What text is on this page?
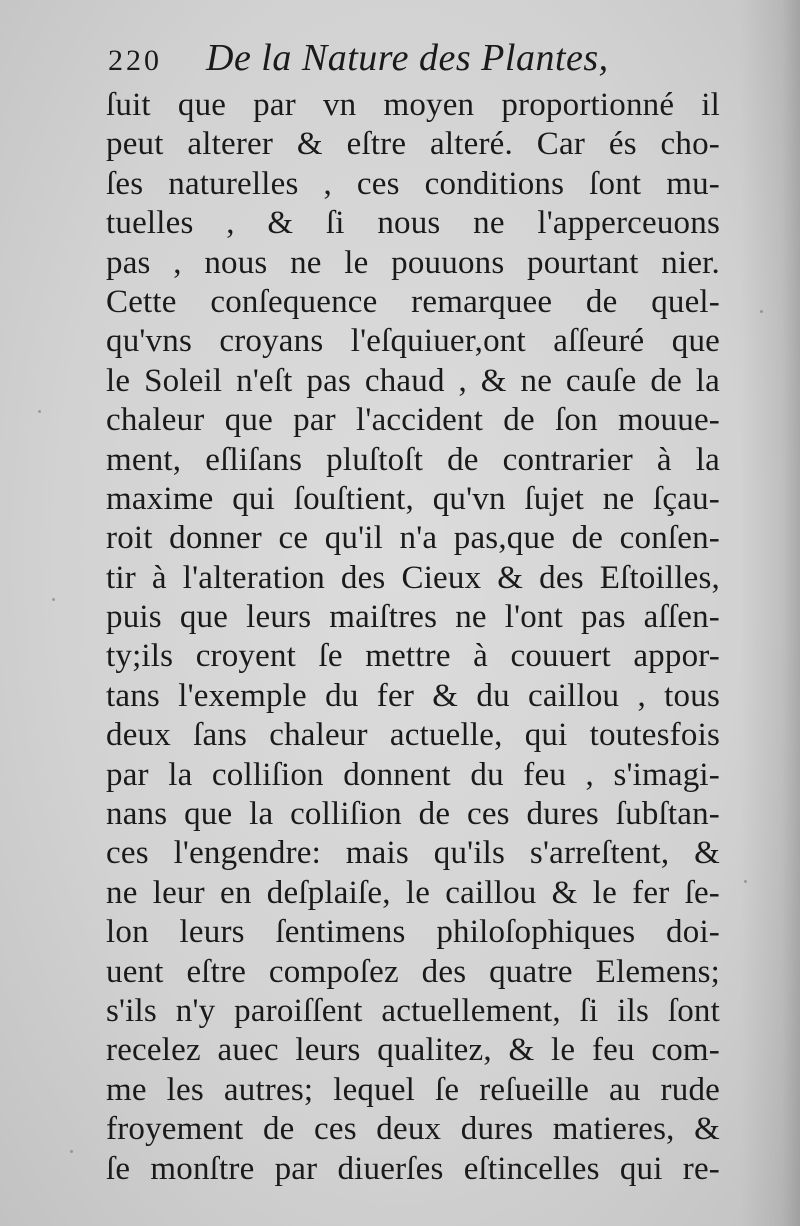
220 De la Nature des Plantes,
ſuit que par vn moyen proportionné il
peut alterer & eſtre alteré. Car és cho-
ſes naturelles , ces conditions ſont mu-
tuelles , & ſi nous ne l'apperceuons
pas , nous ne le pouuons pourtant nier.
Cette conſequence remarquee de quel-
qu'vns croyans l'eſquiuer,ont aſſeuré que
le Soleil n'eſt pas chaud , & ne cauſe de la
chaleur que par l'accident de ſon mouue-
ment, eſliſans pluſtoſt de contrarier à la
maxime qui ſouſtient, qu'vn ſujet ne ſçau-
roit donner ce qu'il n'a pas,que de conſen-
tir à l'alteration des Cieux & des Eſtoilles,
puis que leurs maiſtres ne l'ont pas aſſen-
ty;ils croyent ſe mettre à couuert appor-
tans l'exemple du fer & du caillou , tous
deux ſans chaleur actuelle, qui toutesfois
par la colliſion donnent du feu , s'imagi-
nans que la colliſion de ces dures ſubſtan-
ces l'engendre: mais qu'ils s'arreſtent, &
ne leur en deſplaiſe, le caillou & le fer ſe-
lon leurs ſentimens philoſophiques doi-
uent eſtre compoſez des quatre Elemens;
s'ils n'y paroiſſent actuellement, ſi ils ſont
recelez auec leurs qualitez, & le feu com-
me les autres; lequel ſe reſueille au rude
froyement de ces deux dures matieres, &
ſe monſtre par diuerſes eſtincelles qui re-
